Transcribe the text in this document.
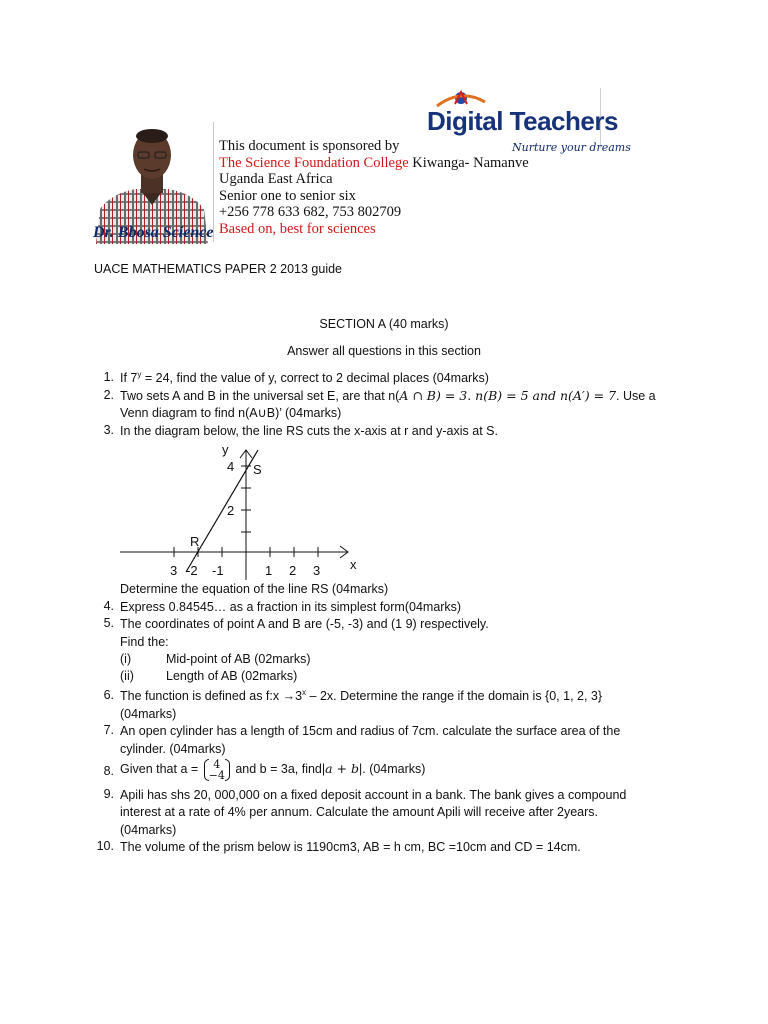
Dr. Bbosa Science
This document is sponsored by
The Science Foundation College Kiwanga- Namanve
Uganda East Africa
Senior one to senior six
+256 778 633 682, 753 802709
Based on, best for sciences
Digital Teachers
Nurture your dreams
UACE MATHEMATICS PAPER 2 2013 guide
SECTION A (40 marks)
Answer all questions in this section
1. If $7^y = 24$, find the value of y, correct to 2 decimal places (04marks)
2. Two sets A and B in the universal set E, are that n(A ∩ B) = 3. n(B) = 5 and n(A′) = 7. Use a
Venn diagram to find n(A∪B)’ (04marks)
3. In the diagram below, the line RS cuts the x-axis at r and y-axis at S.
y
x
4
2
3 -2 -1	1 2 3
R
S
Determine the equation of the line RS (04marks)
4. Express 0.84545… as a fraction in its simplest form(04marks)
5. The coordinates of point A and B are (-5, -3) and (1 9) respectively.
Find the:
(i)	Mid-point of AB (02marks)
(ii)	Length of AB (02marks)
6. The function is defined as f:x $\to 3^x - 2x$. Determine the range if the domain is {0, 1, 2, 3}
(04marks)
7. An open cylinder has a length of 15cm and radius of 7cm. calculate the surface area of the
cylinder. (04marks)
8. Given that a =	4
−4 and b = 3a, find|a + b|. (04marks)
9. Apili has shs 20, 000,000 on a fixed deposit account in a bank. The bank gives a compound
interest at a rate of 4% per annum. Calculate the amount Apili will receive after 2years.
(04marks)
10. The volume of the prism below is 1190cm3, AB = h cm, BC =10cm and CD = 14cm.
